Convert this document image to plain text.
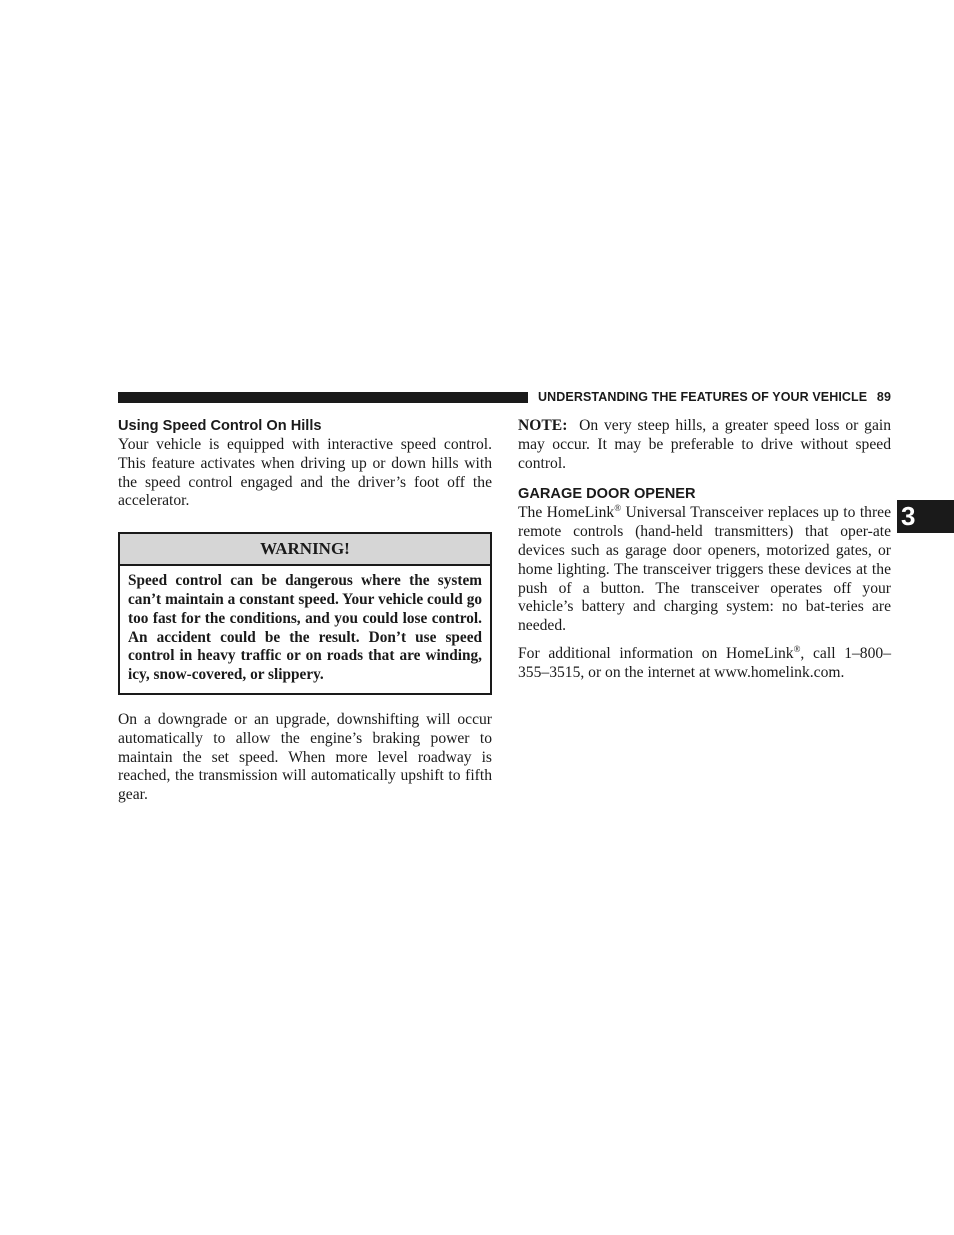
UNDERSTANDING THE FEATURES OF YOUR VEHICLE 89
3
Using Speed Control On Hills

Your vehicle is equipped with interactive speed control. This feature activates when driving up or down hills with the speed control engaged and the driver’s foot off the accelerator.

WARNING!
Speed control can be dangerous where the system can’t maintain a constant speed. Your vehicle could go too fast for the conditions, and you could lose control. An accident could be the result. Don’t use speed control in heavy traffic or on roads that are winding, icy, snow-covered, or slippery.

On a downgrade or an upgrade, downshifting will occur automatically to allow the engine’s braking power to maintain the set speed. When more level roadway is reached, the transmission will automatically upshift to fifth gear.

NOTE: On very steep hills, a greater speed loss or gain may occur. It may be preferable to drive without speed control.

GARAGE DOOR OPENER

The HomeLink® Universal Transceiver replaces up to three remote controls (hand-held transmitters) that oper-ate devices such as garage door openers, motorized gates, or home lighting. The transceiver triggers these devices at the push of a button. The transceiver operates off your vehicle’s battery and charging system: no bat-teries are needed.

For additional information on HomeLink®, call 1–800–355–3515, or on the internet at www.homelink.com.
